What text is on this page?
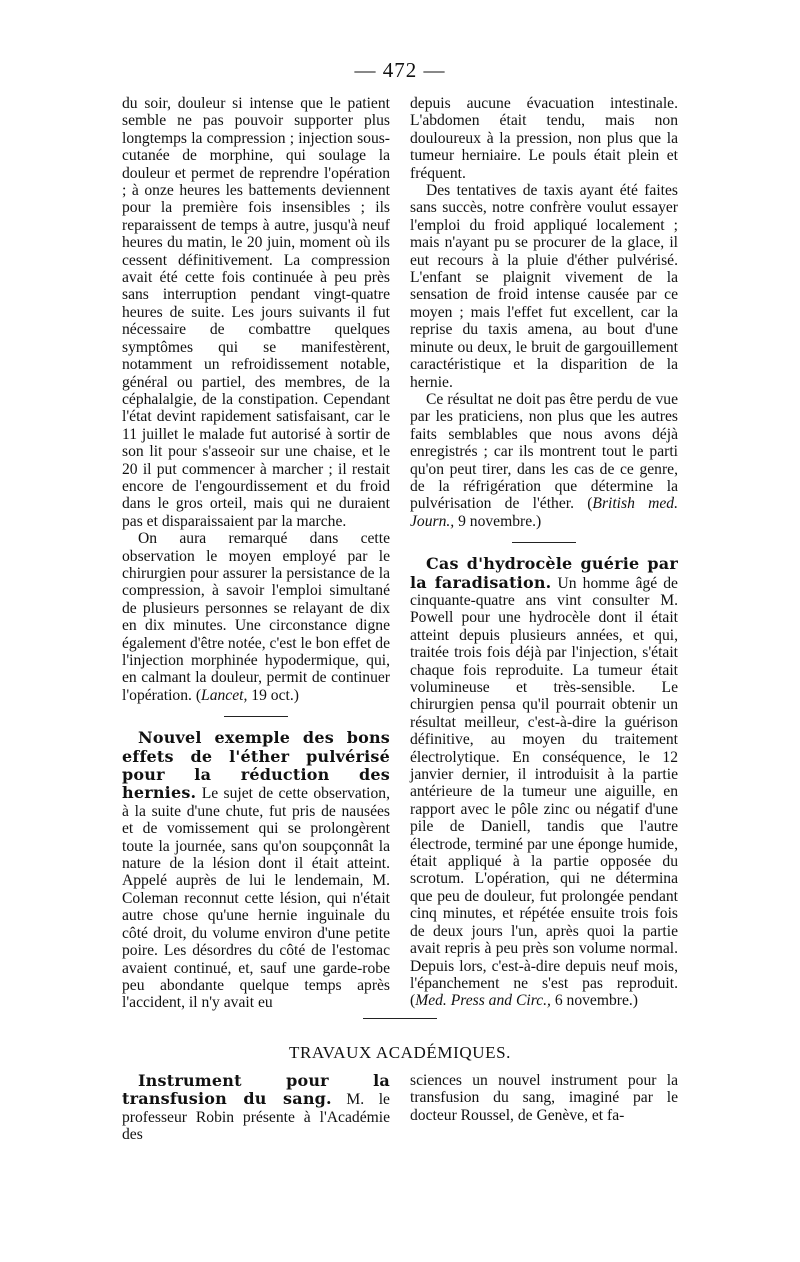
— 472 —

du soir, douleur si intense que le patient semble ne pas pouvoir supporter plus longtemps la compression ; injection sous-cutanée de morphine, qui soulage la douleur et permet de reprendre l'opération ; à onze heures les battements deviennent pour la première fois insensibles ; ils reparaissent de temps à autre, jusqu'à neuf heures du matin, le 20 juin, moment où ils cessent définitivement. La compression avait été cette fois continuée à peu près sans interruption pendant vingt-quatre heures de suite. Les jours suivants il fut nécessaire de combattre quelques symptômes qui se manifestèrent, notamment un refroidissement notable, général ou partiel, des membres, de la céphalalgie, de la constipation. Cependant l'état devint rapidement satisfaisant, car le 11 juillet le malade fut autorisé à sortir de son lit pour s'asseoir sur une chaise, et le 20 il put commencer à marcher ; il restait encore de l'engourdissement et du froid dans le gros orteil, mais qui ne duraient pas et disparaissaient par la marche.

On aura remarqué dans cette observation le moyen employé par le chirurgien pour assurer la persistance de la compression, à savoir l'emploi simultané de plusieurs personnes se relayant de dix en dix minutes. Une circonstance digne également d'être notée, c'est le bon effet de l'injection morphinée hypodermique, qui, en calmant la douleur, permit de continuer l'opération. (Lancet, 19 oct.)

Nouvel exemple des bons effets de l'éther pulvérisé pour la réduction des hernies. Le sujet de cette observation, à la suite d'une chute, fut pris de nausées et de vomissement qui se prolongèrent toute la journée, sans qu'on soupçonnât la nature de la lésion dont il était atteint. Appelé auprès de lui le lendemain, M. Coleman reconnut cette lésion, qui n'était autre chose qu'une hernie inguinale du côté droit, du volume environ d'une petite poire. Les désordres du côté de l'estomac avaient continué, et, sauf une garde-robe peu abondante quelque temps après l'accident, il n'y avait eu

depuis aucune évacuation intestinale. L'abdomen était tendu, mais non douloureux à la pression, non plus que la tumeur herniaire. Le pouls était plein et fréquent.

Des tentatives de taxis ayant été faites sans succès, notre confrère voulut essayer l'emploi du froid appliqué localement ; mais n'ayant pu se procurer de la glace, il eut recours à la pluie d'éther pulvérisé. L'enfant se plaignit vivement de la sensation de froid intense causée par ce moyen ; mais l'effet fut excellent, car la reprise du taxis amena, au bout d'une minute ou deux, le bruit de gargouillement caractéristique et la disparition de la hernie.

Ce résultat ne doit pas être perdu de vue par les praticiens, non plus que les autres faits semblables que nous avons déjà enregistrés ; car ils montrent tout le parti qu'on peut tirer, dans les cas de ce genre, de la réfrigération que détermine la pulvérisation de l'éther. (British med. Journ., 9 novembre.)

Cas d'hydrocèle guérie par la faradisation. Un homme âgé de cinquante-quatre ans vint consulter M. Powell pour une hydrocèle dont il était atteint depuis plusieurs années, et qui, traitée trois fois déjà par l'injection, s'était chaque fois reproduite. La tumeur était volumineuse et très-sensible. Le chirurgien pensa qu'il pourrait obtenir un résultat meilleur, c'est-à-dire la guérison définitive, au moyen du traitement électrolytique. En conséquence, le 12 janvier dernier, il introduisit à la partie antérieure de la tumeur une aiguille, en rapport avec le pôle zinc ou négatif d'une pile de Daniell, tandis que l'autre électrode, terminé par une éponge humide, était appliqué à la partie opposée du scrotum. L'opération, qui ne détermina que peu de douleur, fut prolongée pendant cinq minutes, et répétée ensuite trois fois de deux jours l'un, après quoi la partie avait repris à peu près son volume normal. Depuis lors, c'est-à-dire depuis neuf mois, l'épanchement ne s'est pas reproduit. (Med. Press and Circ., 6 novembre.)

TRAVAUX ACADÉMIQUES.

Instrument pour la transfusion du sang. M. le professeur Robin présente à l'Académie des

sciences un nouvel instrument pour la transfusion du sang, imaginé par le docteur Roussel, de Genève, et fa-
